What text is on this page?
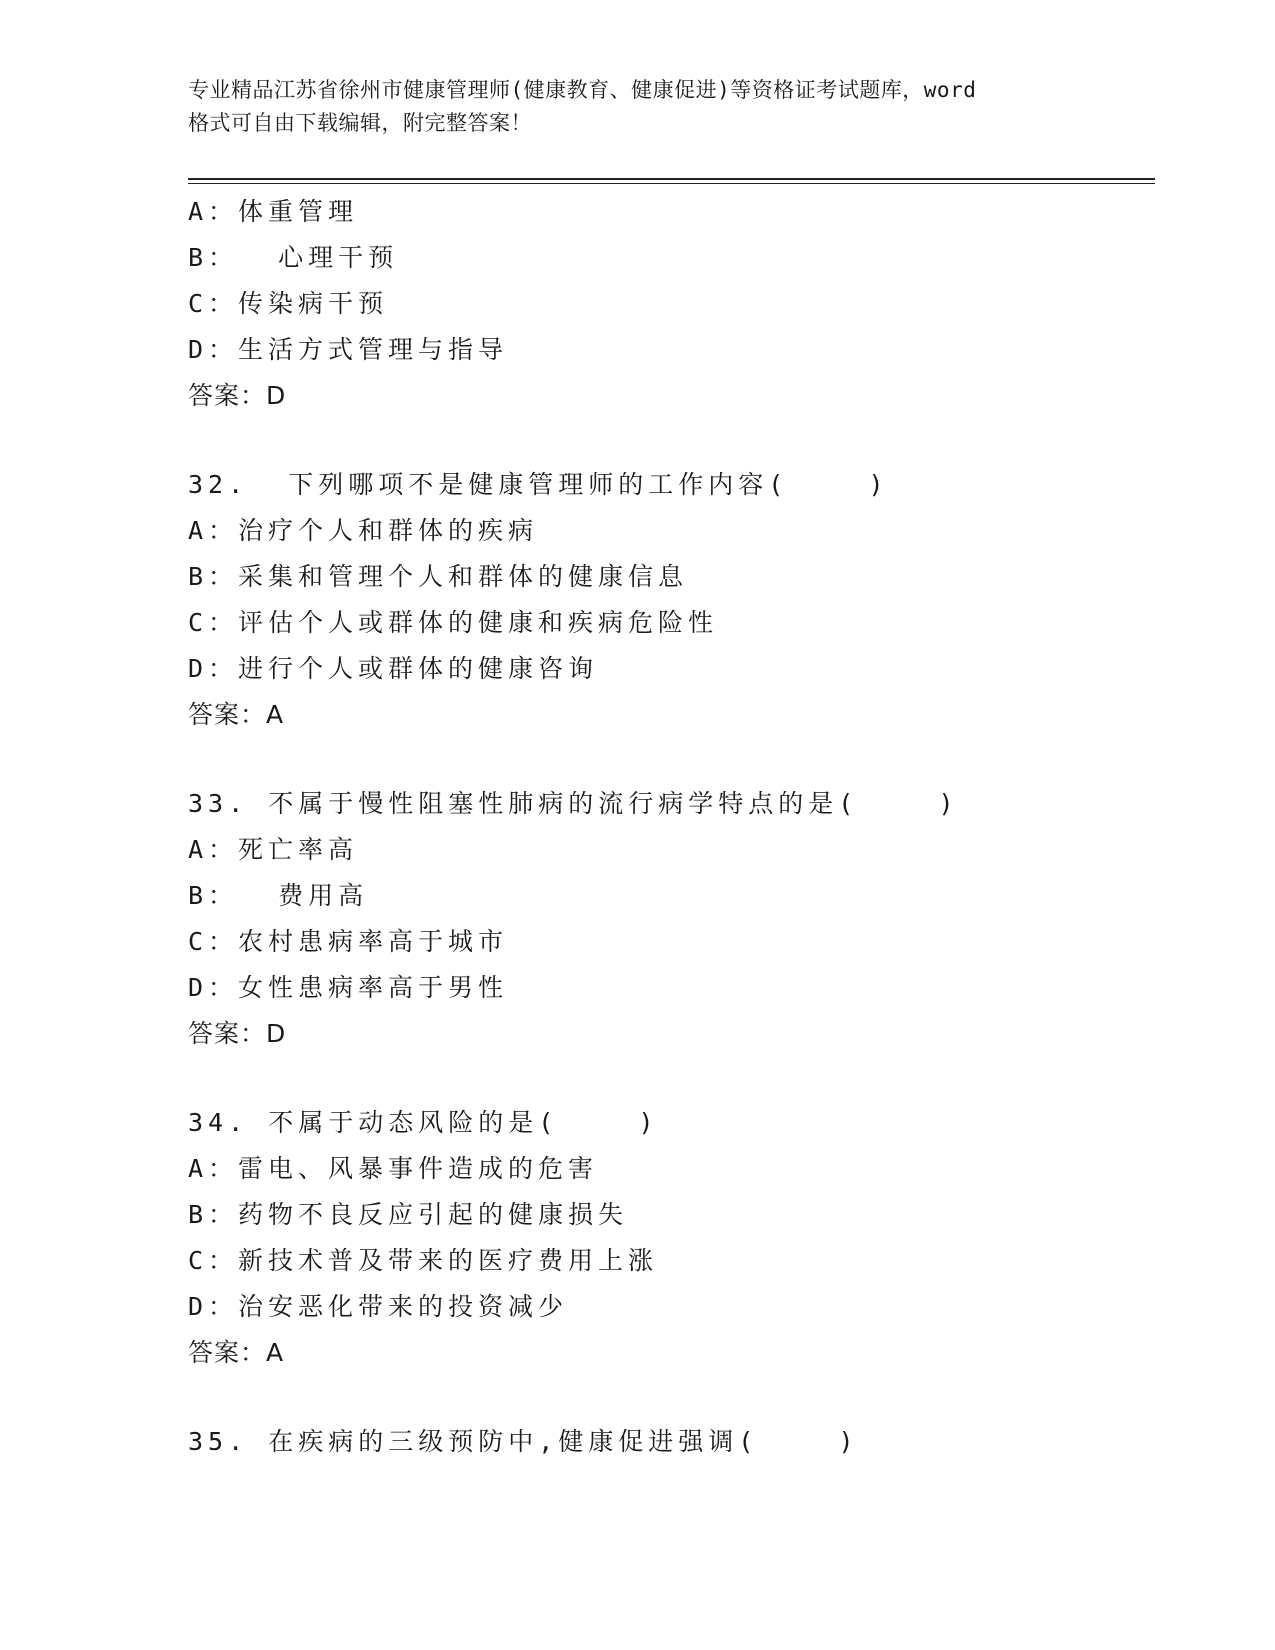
专业精品江苏省徐州市健康管理师(健康教育、健康促进)等资格证考试题库，word
格式可自由下载编辑，附完整答案！
A：体重管理
B：  心理干预
C：传染病干预
D：生活方式管理与指导
答案：D
32.  下列哪项不是健康管理师的工作内容(    )
A：治疗个人和群体的疾病
B：采集和管理个人和群体的健康信息
C：评估个人或群体的健康和疾病危险性
D：进行个人或群体的健康咨询
答案：A
33. 不属于慢性阻塞性肺病的流行病学特点的是(    )
A：死亡率高
B：  费用高
C：农村患病率高于城市
D：女性患病率高于男性
答案：D
34. 不属于动态风险的是(    )
A：雷电、风暴事件造成的危害
B：药物不良反应引起的健康损失
C：新技术普及带来的医疗费用上涨
D：治安恶化带来的投资减少
答案：A
35. 在疾病的三级预防中,健康促进强调(    )
